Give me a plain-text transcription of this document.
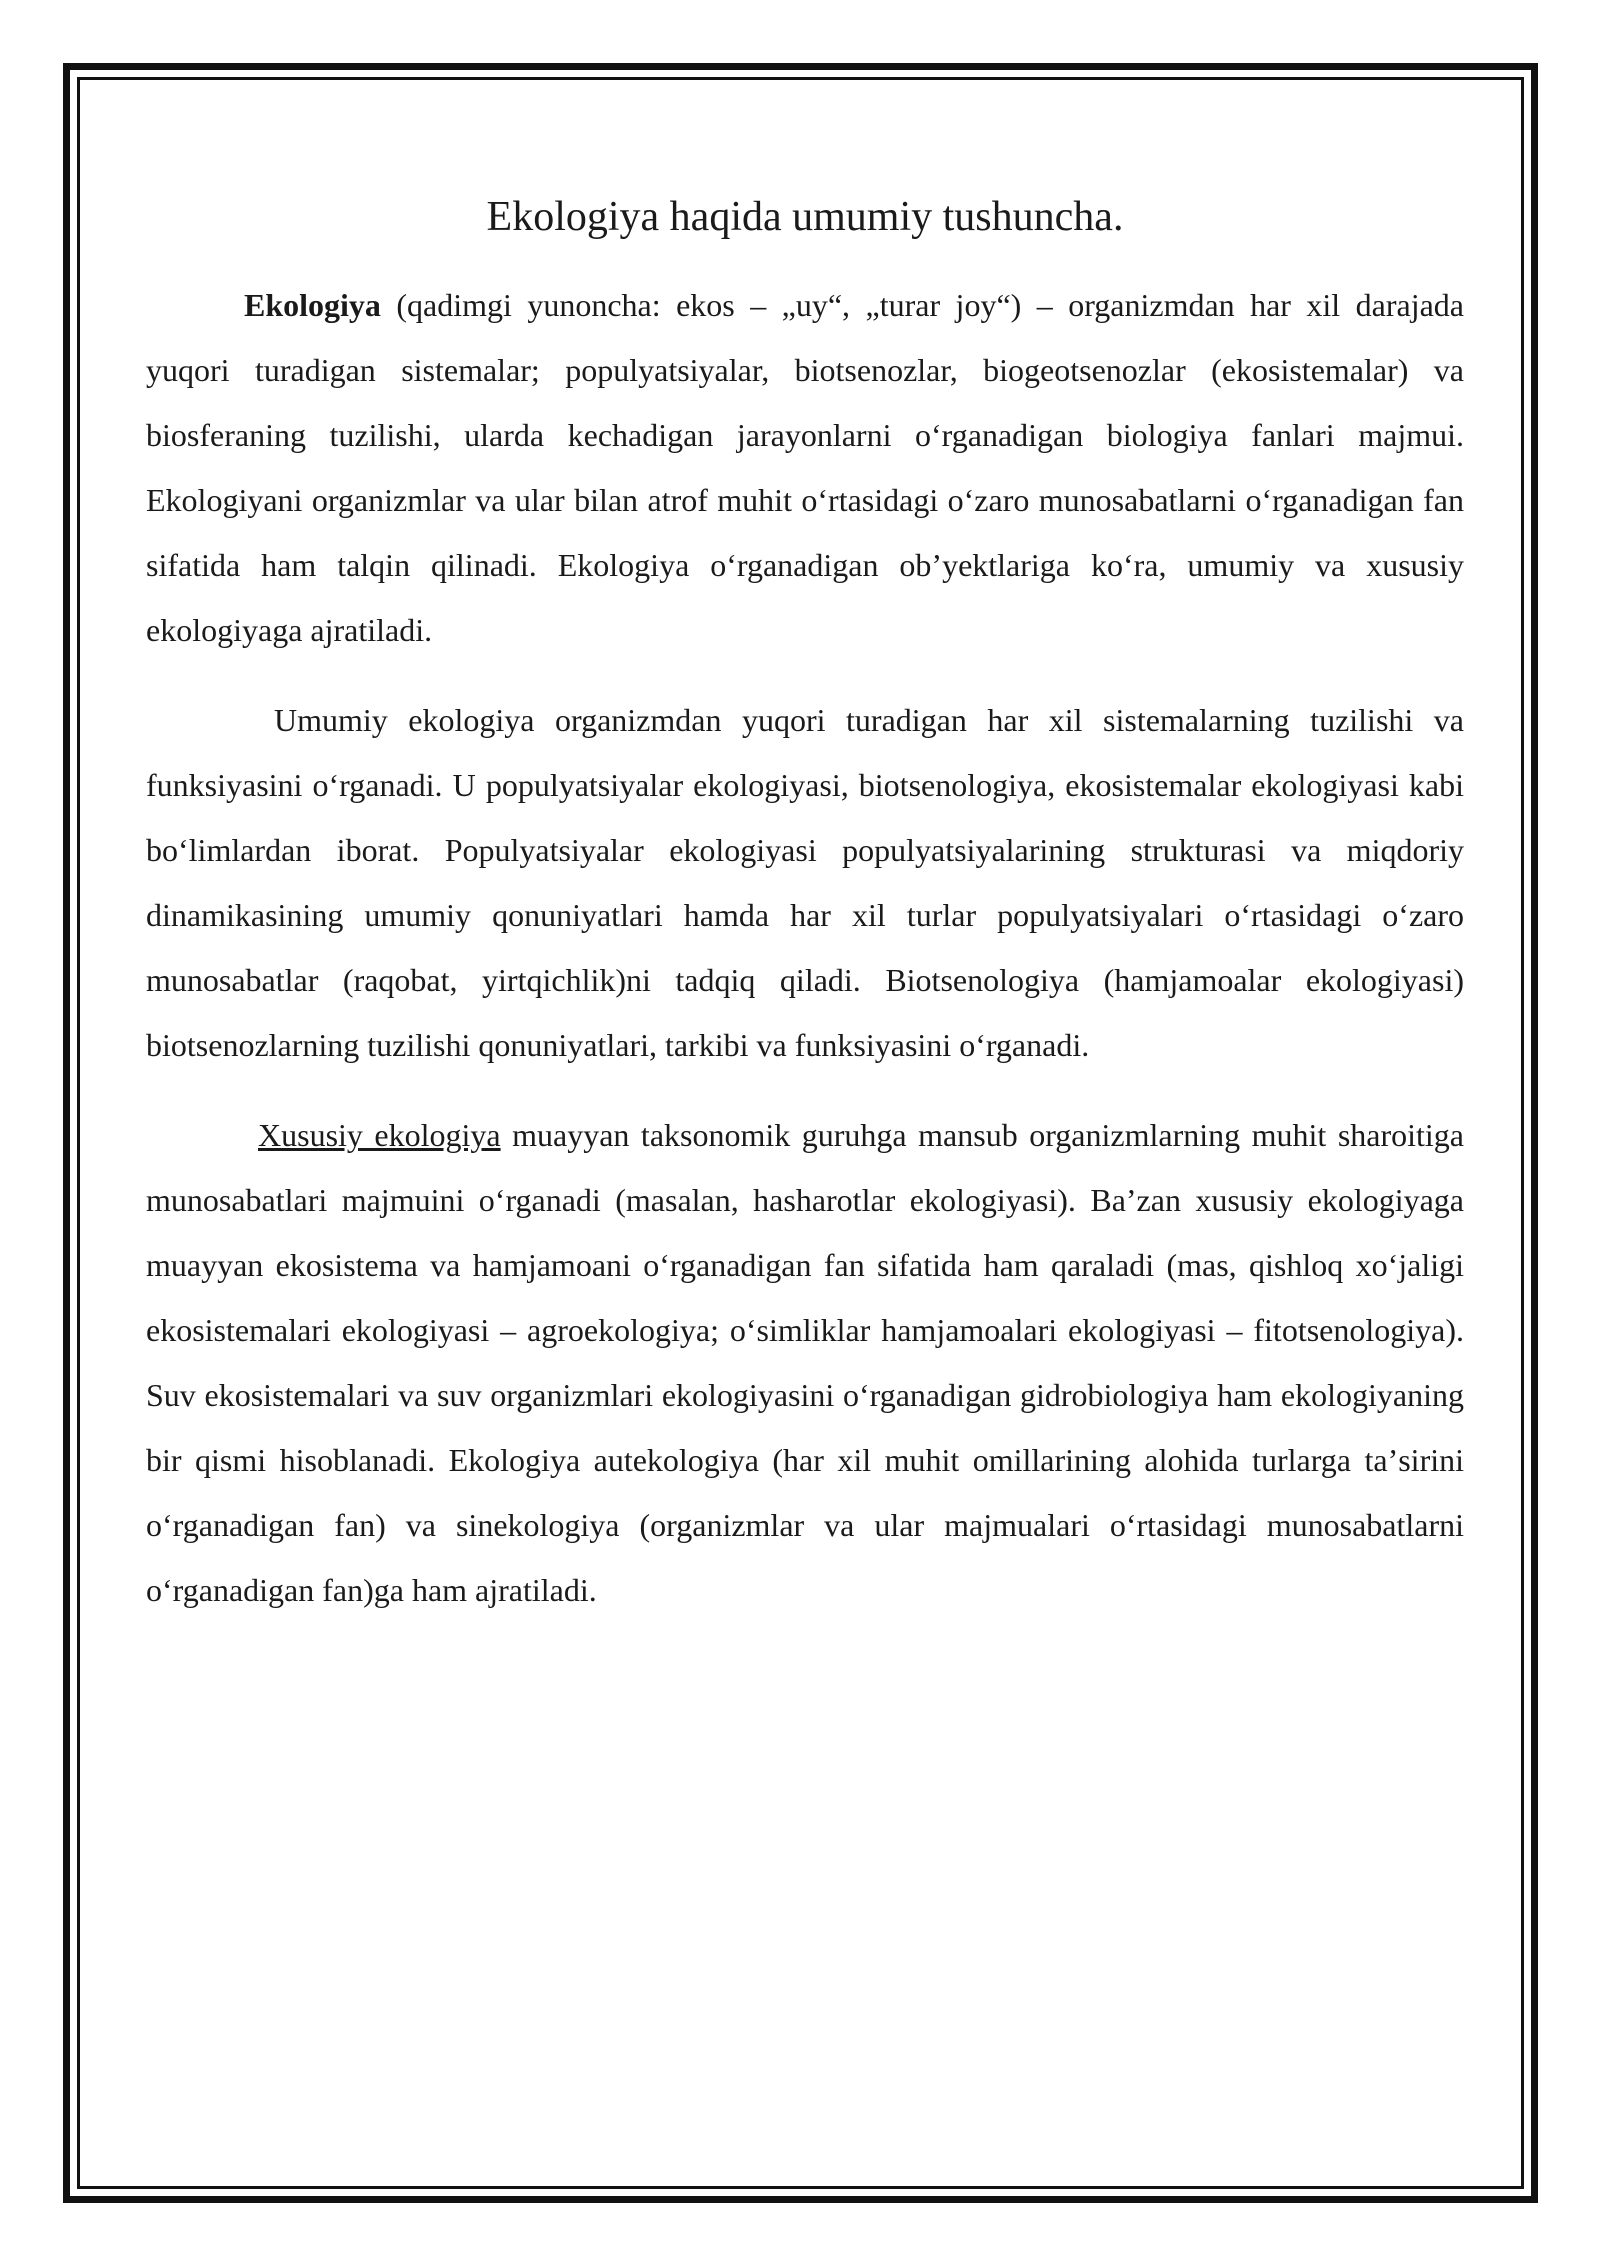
Ekologiya haqida umumiy tushuncha.

Ekologiya (qadimgi yunoncha: ekos – „uy“, „turar joy“) – organizmdan har xil darajada yuqori turadigan sistemalar; populyatsiyalar, biotsenozlar, biogeotsenozlar (ekosistemalar) va biosferaning tuzilishi, ularda kechadigan jarayonlarni oʻrganadigan biologiya fanlari majmui. Ekologiyani organizmlar va ular bilan atrof muhit oʻrtasidagi oʻzaro munosabatlarni oʻrganadigan fan sifatida ham talqin qilinadi. Ekologiya oʻrganadigan obʼyektlariga koʻra, umumiy va xususiy ekologiyaga ajratiladi.

Umumiy ekologiya organizmdan yuqori turadigan har xil sistemalarning tuzilishi va funksiyasini oʻrganadi. U populyatsiyalar ekologiyasi, biotsenologiya, ekosistemalar ekologiyasi kabi boʻlimlardan iborat. Populyatsiyalar ekologiyasi populyatsiyalarining strukturasi va miqdoriy dinamikasining umumiy qonuniyatlari hamda har xil turlar populyatsiyalari oʻrtasidagi oʻzaro munosabatlar (raqobat, yirtqichlik)ni tadqiq qiladi. Biotsenologiya (hamjamoalar ekologiyasi) biotsenozlarning tuzilishi qonuniyatlari, tarkibi va funksiyasini oʻrganadi.

Xususiy ekologiya muayyan taksonomik guruhga mansub organizmlarning muhit sharoitiga munosabatlari majmuini oʻrganadi (masalan, hasharotlar ekologiyasi). Baʼzan xususiy ekologiyaga muayyan ekosistema va hamjamoani oʻrganadigan fan sifatida ham qaraladi (mas, qishloq xoʻjaligi ekosistemalari ekologiyasi – agroekologiya; oʻsimliklar hamjamoalari ekologiyasi – fitotsenologiya). Suv ekosistemalari va suv organizmlari ekologiyasini oʻrganadigan gidrobiologiya ham ekologiyaning bir qismi hisoblanadi. Ekologiya autekologiya (har xil muhit omillarining alohida turlarga taʼsirini oʻrganadigan fan) va sinekologiya (organizmlar va ular majmualari oʻrtasidagi munosabatlarni oʻrganadigan fan)ga ham ajratiladi.
